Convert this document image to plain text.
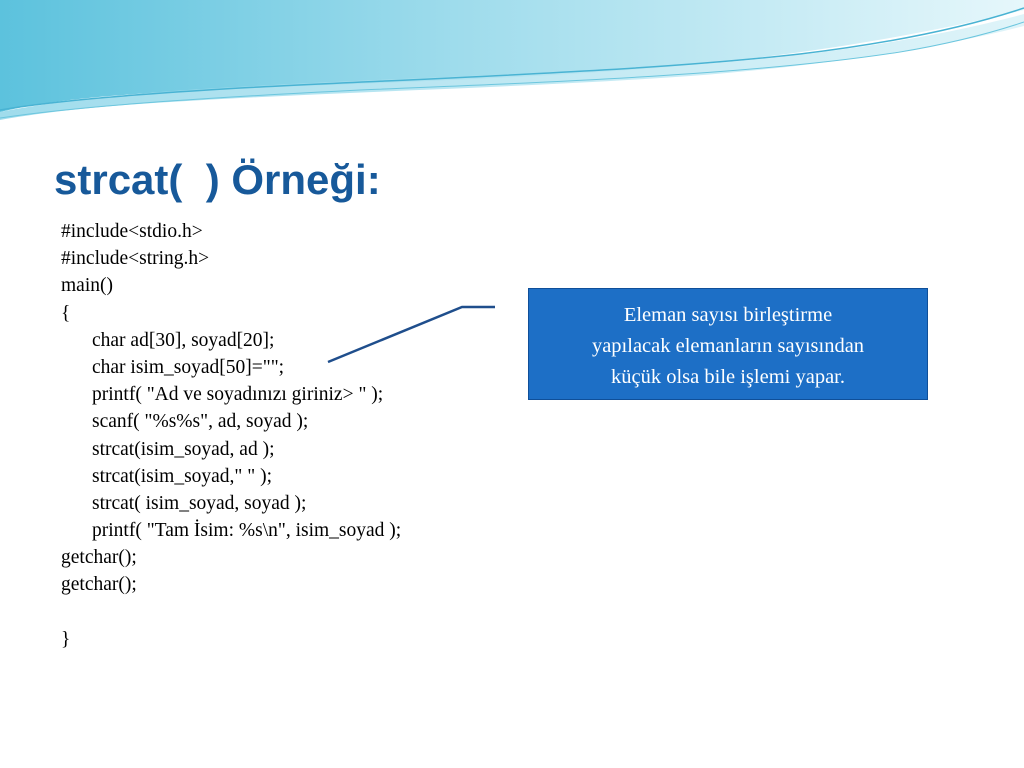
strcat(  ) Örneği:
#include<stdio.h>
#include<string.h>
main()
{
char ad[30], soyad[20];
char isim_soyad[50]="";
printf( "Ad ve soyadınızı giriniz> " );
scanf( "%s%s", ad, soyad );
strcat(isim_soyad, ad );
strcat(isim_soyad," " );
strcat( isim_soyad, soyad );
printf( "Tam İsim: %s\n", isim_soyad );
getchar();
getchar();
}
Eleman sayısı birleştirme
yapılacak elemanların sayısından
küçük olsa bile işlemi yapar.
